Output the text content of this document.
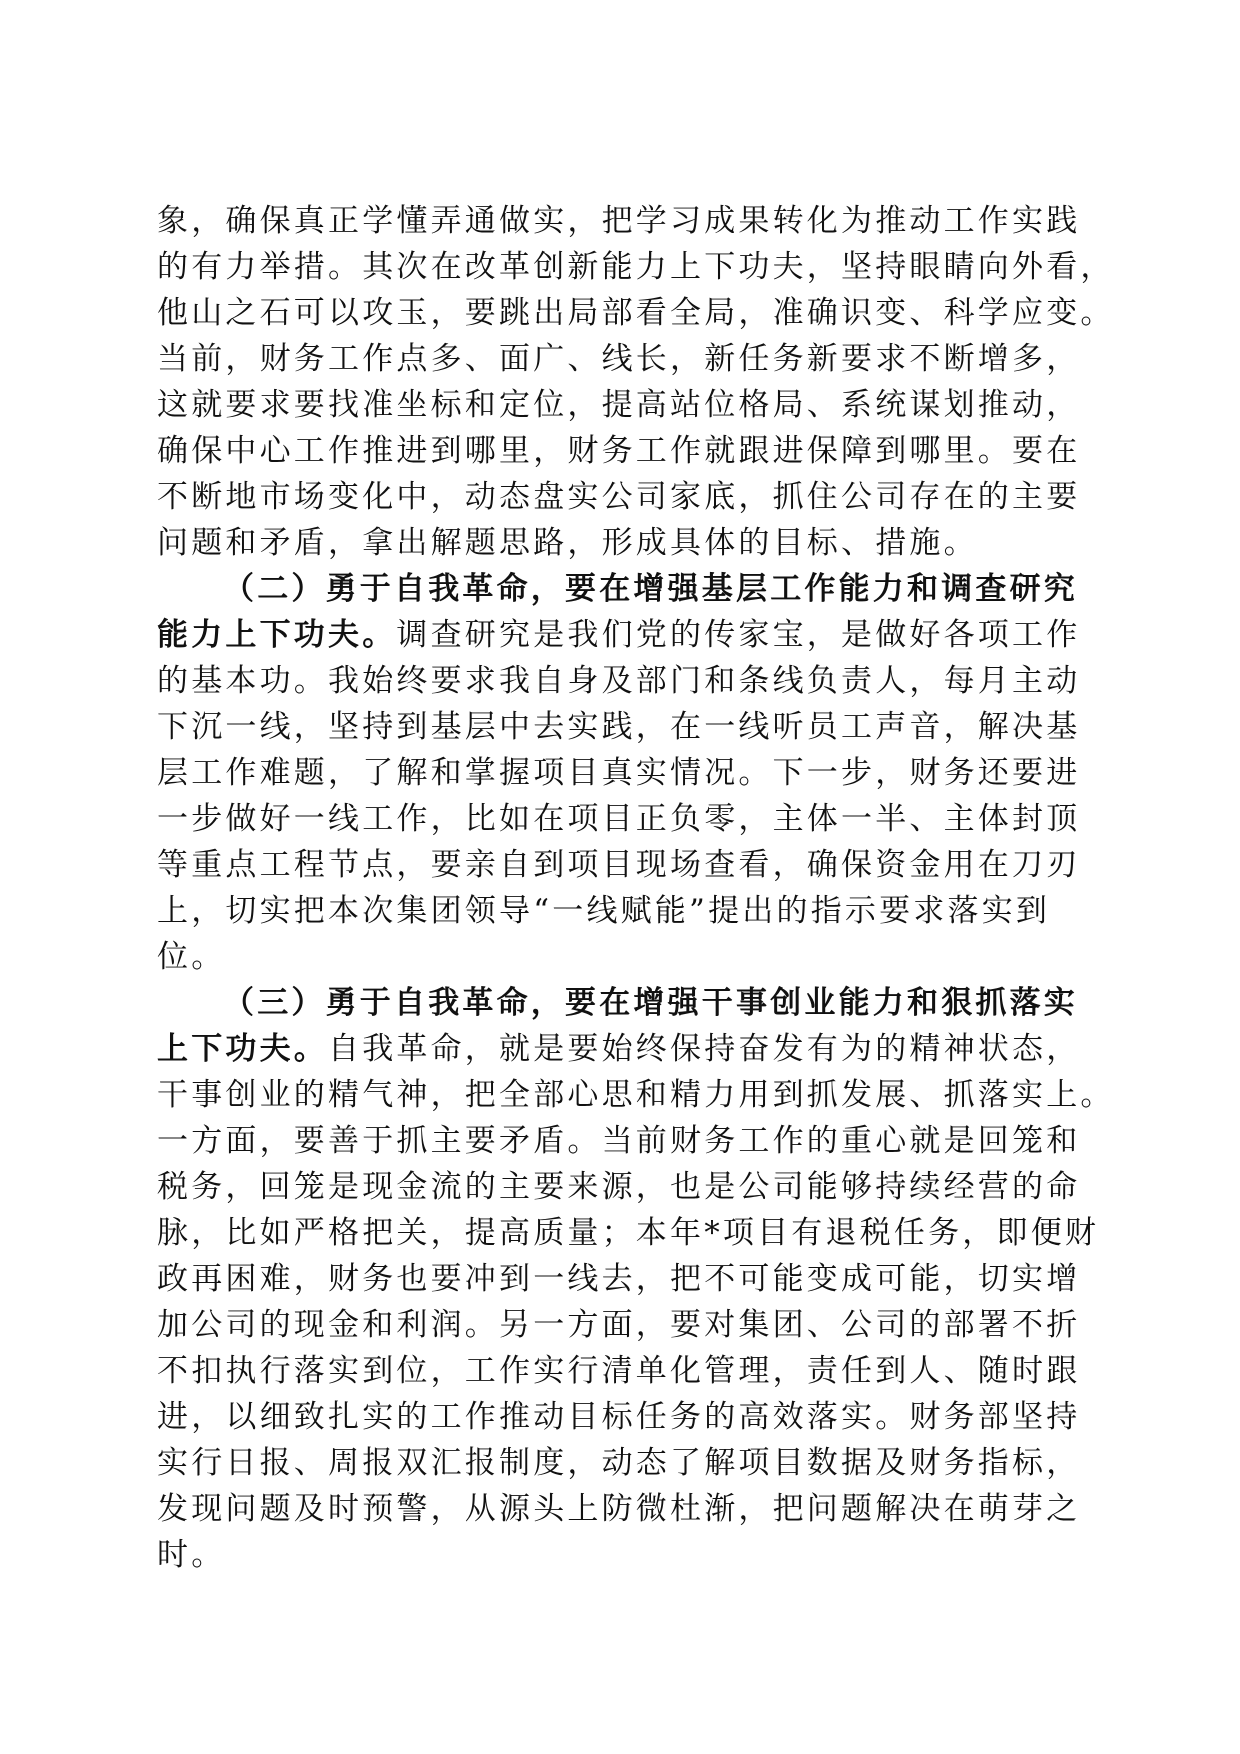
象，确保真正学懂弄通做实，把学习成果转化为推动工作实践
的有力举措。其次在改革创新能力上下功夫，坚持眼睛向外看，
他山之石可以攻玉，要跳出局部看全局，准确识变、科学应变。
当前，财务工作点多、面广、线长，新任务新要求不断增多，
这就要求要找准坐标和定位，提高站位格局、系统谋划推动，
确保中心工作推进到哪里，财务工作就跟进保障到哪里。要在
不断地市场变化中，动态盘实公司家底，抓住公司存在的主要
问题和矛盾，拿出解题思路，形成具体的目标、措施。
（二）勇于自我革命，要在增强基层工作能力和调查研究
能力上下功夫。调查研究是我们党的传家宝，是做好各项工作
的基本功。我始终要求我自身及部门和条线负责人，每月主动
下沉一线，坚持到基层中去实践，在一线听员工声音，解决基
层工作难题，了解和掌握项目真实情况。下一步，财务还要进
一步做好一线工作，比如在项目正负零，主体一半、主体封顶
等重点工程节点，要亲自到项目现场查看，确保资金用在刀刃
上，切实把本次集团领导“一线赋能”提出的指示要求落实到
位。
（三）勇于自我革命，要在增强干事创业能力和狠抓落实
上下功夫。自我革命，就是要始终保持奋发有为的精神状态，
干事创业的精气神，把全部心思和精力用到抓发展、抓落实上。
一方面，要善于抓主要矛盾。当前财务工作的重心就是回笼和
税务，回笼是现金流的主要来源，也是公司能够持续经营的命
脉，比如严格把关，提高质量；本年*项目有退税任务，即便财
政再困难，财务也要冲到一线去，把不可能变成可能，切实增
加公司的现金和利润。另一方面，要对集团、公司的部署不折
不扣执行落实到位，工作实行清单化管理，责任到人、随时跟
进，以细致扎实的工作推动目标任务的高效落实。财务部坚持
实行日报、周报双汇报制度，动态了解项目数据及财务指标，
发现问题及时预警，从源头上防微杜渐，把问题解决在萌芽之
时。
